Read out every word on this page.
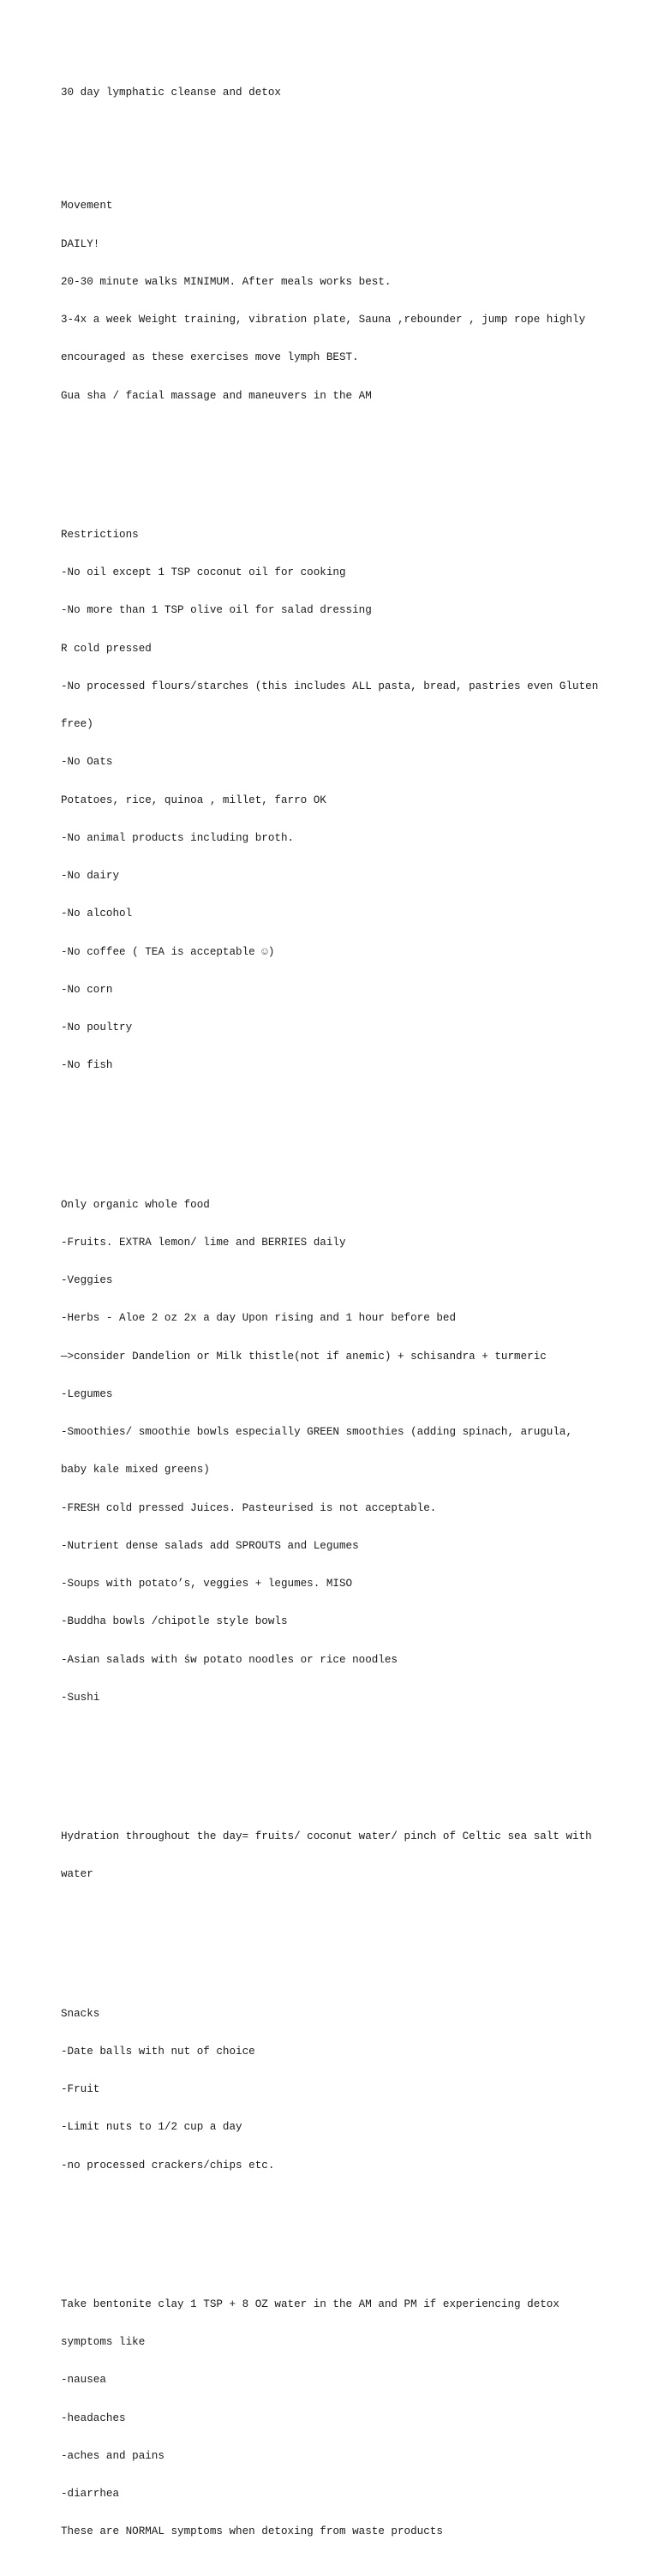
30 day lymphatic cleanse and detox

Movement

DAILY!

20-30 minute walks MINIMUM. After meals works best.

3-4x a week Weight training, vibration plate, Sauna ,rebounder , jump rope highly

encouraged as these exercises move lymph BEST.

Gua sha / facial massage and maneuvers in the AM

Restrictions

-No oil except 1 TSP coconut oil for cooking

-No more than 1 TSP olive oil for salad dressing

R cold pressed

-No processed flours/starches (this includes ALL pasta, bread, pastries even Gluten

free)

-No Oats

Potatoes, rice, quinoa , millet, farro OK

-No animal products including broth.

-No dairy

-No alcohol

-No coffee ( TEA is acceptable ☺)

-No corn

-No poultry

-No fish

Only organic whole food

-Fruits. EXTRA lemon/ lime and BERRIES daily

-Veggies

-Herbs - Aloe 2 oz 2x a day Upon rising and 1 hour before bed

—>consider Dandelion or Milk thistle(not if anemic) + schisandra + turmeric

-Legumes

-Smoothies/ smoothie bowls especially GREEN smoothies (adding spinach, arugula,

baby kale mixed greens)

-FRESH cold pressed Juices. Pasteurised is not acceptable.

-Nutrient dense salads add SPROUTS and Legumes

-Soups with potato’s, veggies + legumes. MISO

-Buddha bowls /chipotle style bowls

-Asian salads with św potato noodles or rice noodles

-Sushi

Hydration throughout the day= fruits/ coconut water/ pinch of Celtic sea salt with

water

Snacks

-Date balls with nut of choice

-Fruit

-Limit nuts to 1/2 cup a day

-no processed crackers/chips etc.

Take bentonite clay 1 TSP + 8 OZ water in the AM and PM if experiencing detox

symptoms like

-nausea

-headaches

-aches and pains

-diarrhea

These are NORMAL symptoms when detoxing from waste products
